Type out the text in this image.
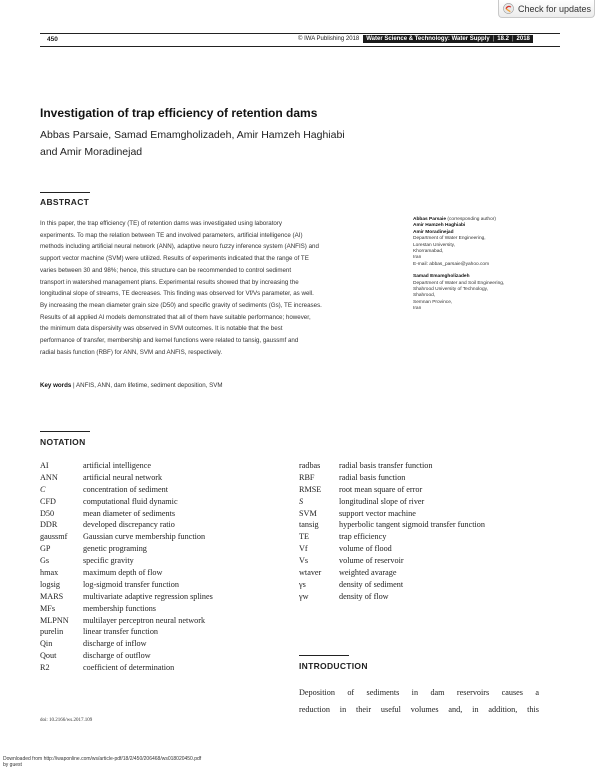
Check for updates
450	© IWA Publishing 2018 Water Science & Technology: Water Supply | 18.2 | 2018
Investigation of trap efficiency of retention dams
Abbas Parsaie, Samad Emamgholizadeh, Amir Hamzeh Haghiabi
and Amir Moradinejad
ABSTRACT
In this paper, the trap efficiency (TE) of retention dams was investigated using laboratory
experiments. To map the relation between TE and involved parameters, artificial intelligence (AI)
methods including artificial neural network (ANN), adaptive neuro fuzzy inference system (ANFIS) and
support vector machine (SVM) were utilized. Results of experiments indicated that the range of TE
varies between 30 and 98%; hence, this structure can be recommended to control sediment
transport in watershed management plans. Experimental results showed that by increasing the
longitudinal slope of streams, TE decreases. This finding was observed for Vf/Vs parameter, as well.
By increasing the mean diameter grain size (D50) and specific gravity of sediments (Gs), TE increases.
Results of all applied AI models demonstrated that all of them have suitable performance; however,
the minimum data dispersivity was observed in SVM outcomes. It is notable that the best
performance of transfer, membership and kernel functions were related to tansig, gaussmf and
radial basis function (RBF) for ANN, SVM and ANFIS, respectively.
Key words | ANFIS, ANN, dam lifetime, sediment deposition, SVM
Abbas Parsaie (corresponding author)
Amir Hamzeh Haghiabi
Amir Moradinejad
Department of Water Engineering,
Lorestan University,
Khorramabad,
Iran
E-mail: abbas_parsaie@yahoo.com
Samad Emamgholizadeh
Department of Water and Soil Engineering,
Shahrood University of Technology,
Shahrood,
Semnan Province,
Iran
NOTATION
AI	artificial intelligence
ANN	artificial neural network
C	concentration of sediment
CFD	computational fluid dynamic
D50	mean diameter of sediments
DDR	developed discrepancy ratio
gaussmf	Gaussian curve membership function
GP	genetic programing
Gs	specific gravity
hmax	maximum depth of flow
logsig	log-sigmoid transfer function
MARS	multivariate adaptive regression splines
MFs	membership functions
MLPNN	multilayer perceptron neural network
purelin	linear transfer function
Qin	discharge of inflow
Qout	discharge of outflow
R2	coefficient of determination
radbas	radial basis transfer function
RBF	radial basis function
RMSE	root mean square of error
S	longitudinal slope of river
SVM	support vector machine
tansig	hyperbolic tangent sigmoid transfer function
TE	trap efficiency
Vf	volume of flood
Vs	volume of reservoir
wtaver	weighted avarage
γs	density of sediment
γw	density of flow
INTRODUCTION
Deposition of sediments in dam reservoirs causes a
reduction in their useful volumes and, in addition, this
doi: 10.2166/ws.2017.109
Downloaded from http://iwaponline.com/ws/article-pdf/18/2/450/206468/ws018020450.pdf
by guest
